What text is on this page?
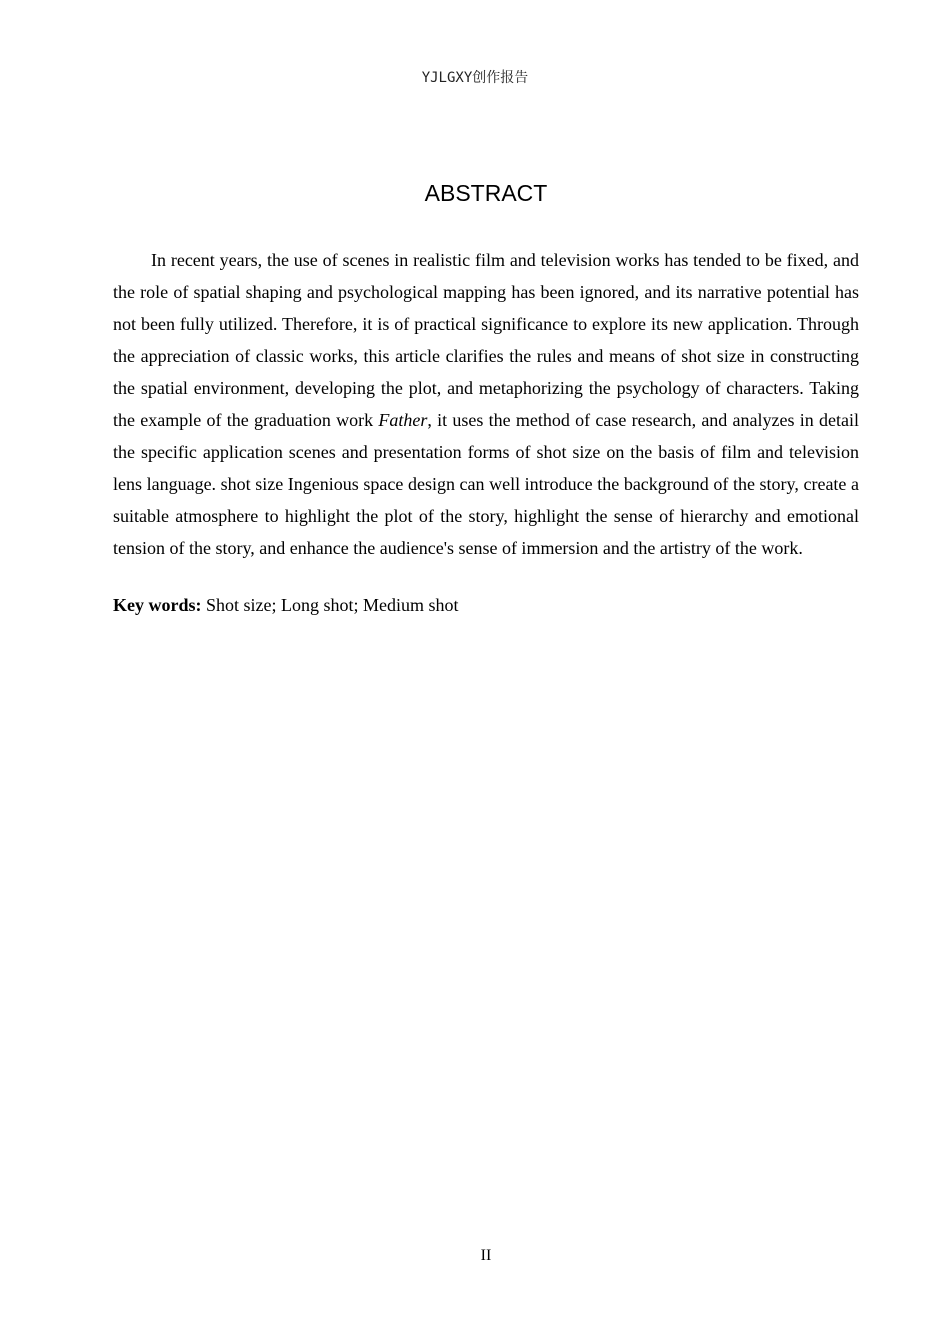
YJLGXY创作报告
ABSTRACT

In recent years, the use of scenes in realistic film and television works has tended to be fixed, and the role of spatial shaping and psychological mapping has been ignored, and its narrative potential has not been fully utilized. Therefore, it is of practical significance to explore its new application. Through the appreciation of classic works, this article clarifies the rules and means of shot size in constructing the spatial environment, developing the plot, and metaphorizing the psychology of characters. Taking the example of the graduation work Father, it uses the method of case research, and analyzes in detail the specific application scenes and presentation forms of shot size on the basis of film and television lens language. shot size Ingenious space design can well introduce the background of the story, create a suitable atmosphere to highlight the plot of the story, highlight the sense of hierarchy and emotional tension of the story, and enhance the audience's sense of immersion and the artistry of the work.

Key words: Shot size; Long shot; Medium shot

II
